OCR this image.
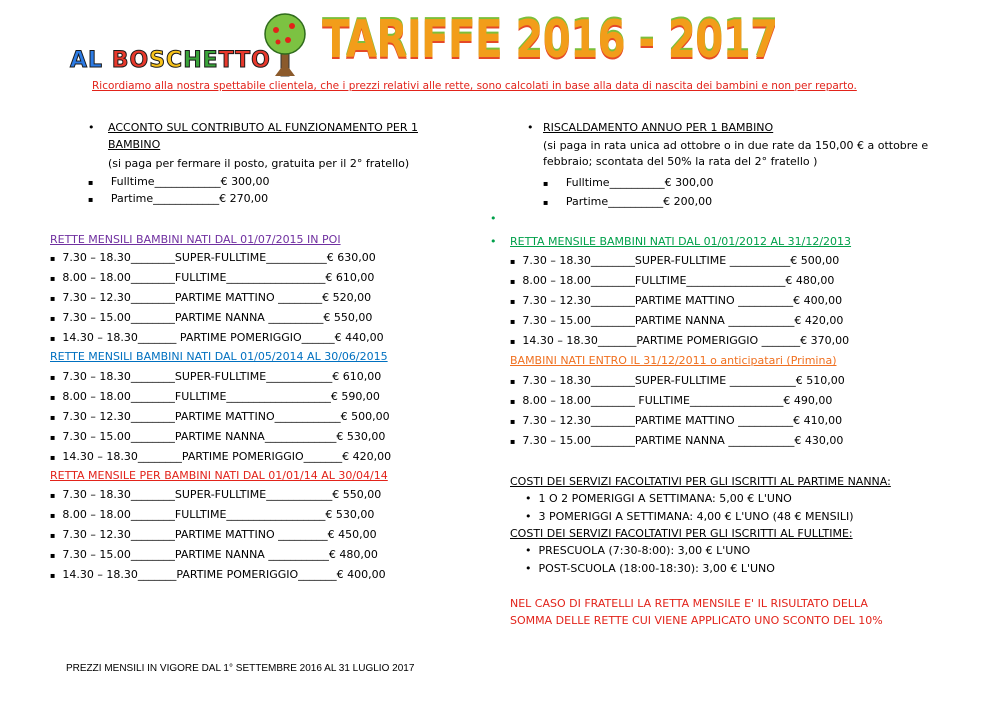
AL BOSCHETTO TARIFFE 2016 - 2017
Ricordiamo alla nostra spettabile clientela, che i prezzi relativi alle rette, sono calcolati in base alla data di nascita dei bambini e non per reparto.
• ACCONTO SUL CONTRIBUTO AL FUNZIONAMENTO PER 1
BAMBINO
(si paga per fermare il posto, gratuita per il 2° fratello)
▪ Fulltime____________€ 300,00
▪ Partime____________€ 270,00
RETTE MENSILI BAMBINI NATI DAL 01/07/2015 IN POI
▪ 7.30 – 18.30________SUPER-FULLTIME___________€ 630,00
▪ 8.00 – 18.00________FULLTIME__________________€ 610,00
▪ 7.30 – 12.30________PARTIME MATTINO ________€ 520,00
▪ 7.30 – 15.00________PARTIME NANNA __________€ 550,00
▪ 14.30 – 18.30_______ PARTIME POMERIGGIO______€ 440,00
RETTE MENSILI BAMBINI NATI DAL 01/05/2014 AL 30/06/2015
▪ 7.30 – 18.30________SUPER-FULLTIME____________€ 610,00
▪ 8.00 – 18.00________FULLTIME___________________€ 590,00
▪ 7.30 – 12.30________PARTIME MATTINO____________€ 500,00
▪ 7.30 – 15.00________PARTIME NANNA_____________€ 530,00
▪ 14.30 – 18.30________PARTIME POMERIGGIO_______€ 420,00
RETTA MENSILE PER BAMBINI NATI DAL 01/01/14 AL 30/04/14
▪ 7.30 – 18.30________SUPER-FULLTIME____________€ 550,00
▪ 8.00 – 18.00________FULLTIME__________________€ 530,00
▪ 7.30 – 12.30________PARTIME MATTINO _________€ 450,00
▪ 7.30 – 15.00________PARTIME NANNA ___________€ 480,00
▪ 14.30 – 18.30_______PARTIME POMERIGGIO_______€ 400,00
PREZZI MENSILI IN VIGORE DAL 1° SETTEMBRE 2016 AL 31 LUGLIO 2017
• RISCALDAMENTO ANNUO PER 1 BAMBINO
(si paga in rata unica ad ottobre o in due rate da 150,00 € a ottobre e
febbraio; scontata del 50% la rata del 2° fratello )
▪ Fulltime__________€ 300,00
▪ Partime__________€ 200,00
•
• RETTA MENSILE BAMBINI NATI DAL 01/01/2012 AL 31/12/2013
▪ 7.30 – 18.30________SUPER-FULLTIME ___________€ 500,00
▪ 8.00 – 18.00________FULLTIME__________________€ 480,00
▪ 7.30 – 12.30________PARTIME MATTINO __________€ 400,00
▪ 7.30 – 15.00________PARTIME NANNA ____________€ 420,00
▪ 14.30 – 18.30_______PARTIME POMERIGGIO _______€ 370,00
BAMBINI NATI ENTRO IL 31/12/2011 o anticipatari (Primina)
▪ 7.30 – 18.30________SUPER-FULLTIME ____________€ 510,00
▪ 8.00 – 18.00________ FULLTIME_________________€ 490,00
▪ 7.30 – 12.30________PARTIME MATTINO __________€ 410,00
▪ 7.30 – 15.00________PARTIME NANNA ____________€ 430,00
COSTI DEI SERVIZI FACOLTATIVI PER GLI ISCRITTI AL PARTIME NANNA:
•  1 O 2 POMERIGGI A SETTIMANA: 5,00 € L'UNO
•  3 POMERIGGI A SETTIMANA: 4,00 € L'UNO (48 € MENSILI)
COSTI DEI SERVIZI FACOLTATIVI PER GLI ISCRITTI AL FULLTIME:
•  PRESCUOLA (7:30-8:00): 3,00 € L'UNO
•  POST-SCUOLA (18:00-18:30): 3,00 € L'UNO
NEL CASO DI FRATELLI LA RETTA MENSILE E' IL RISULTATO DELLA
SOMMA DELLE RETTE CUI VIENE APPLICATO UNO SCONTO DEL 10%
